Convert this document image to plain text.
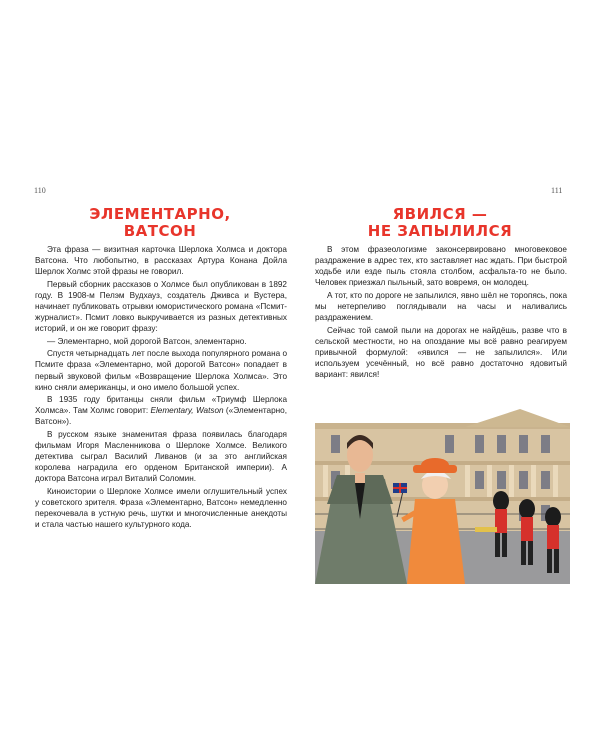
110	111
ЭЛЕМЕНТАРНО,
ВАТСОН
ЯВИЛСЯ —
НЕ ЗАПЫЛИЛСЯ

Эта фраза — визитная карточка Шерлока Холмса и доктора Ватсона. Что любопытно, в рассказах Артура Конана Дойла Шерлок Холмс этой фразы не говорил.

Первый сборник рассказов о Холмсе был опубликован в 1892 году. В 1908-м Пелэм Вудхауз, создатель Дживса и Вустера, начинает публиковать отрывки юмористического романа «Псмит-журналист». Псмит ловко выкручивается из разных детективных историй, и он же говорит фразу:

— Элементарно, мой дорогой Ватсон, элементарно.

Спустя четырнадцать лет после выхода популярного романа о Псмите фраза «Элементарно, мой дорогой Ватсон» попадает в первый звуковой фильм «Возвращение Шерлока Холмса». Это кино сняли американцы, и оно имело большой успех.

В 1935 году британцы сняли фильм «Триумф Шерлока Холмса». Там Холмс говорит: Elementary, Watson («Элементарно, Ватсон»).

В русском языке знаменитая фраза появилась благодаря фильмам Игоря Масленникова о Шерлоке Холмсе. Великого детектива сыграл Василий Ливанов (и за это английская королева наградила его орденом Британской империи). А доктора Ватсона играл Виталий Соломин.

Киноистории о Шерлоке Холмсе имели оглушительный успех у советского зрителя. Фраза «Элементарно, Ватсон» немедленно перекочевала в устную речь, шутки и многочисленные анекдоты и стала частью нашего культурного кода.

В этом фразеологизме законсервировано многовековое раздражение в адрес тех, кто заставляет нас ждать. При быстрой ходьбе или езде пыль стояла столбом, асфальта-то не было. Человек приезжал пыльный, зато вовремя, он молодец.

А тот, кто по дороге не запылился, явно шёл не торопясь, пока мы нетерпеливо поглядывали на часы и наливались раздражением.

Сейчас той самой пыли на дорогах не найдёшь, разве что в сельской местности, но на опоздание мы всё равно реагируем привычной формулой: «явился — не запылился». Или используем усечённый, но всё равно достаточно ядовитый вариант: явился!
